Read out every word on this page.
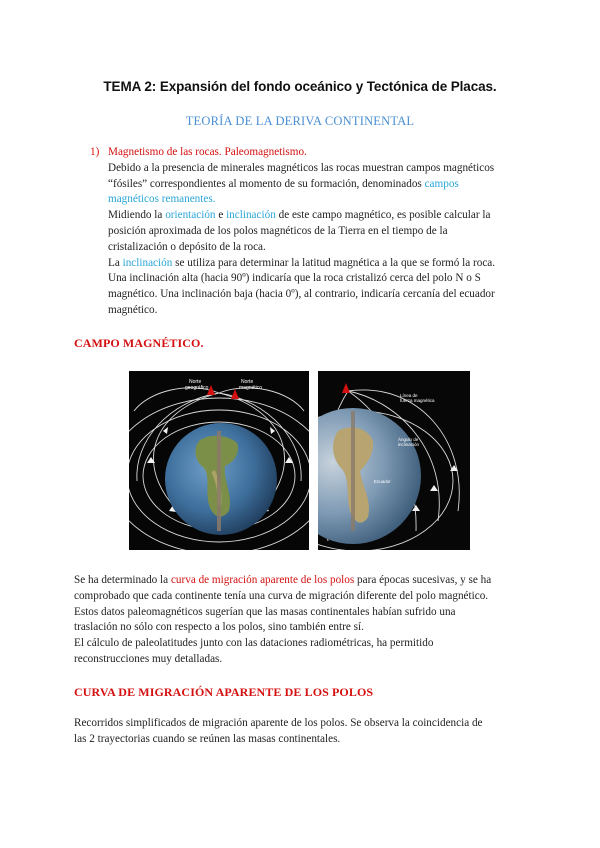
TEMA 2: Expansión del fondo oceánico y Tectónica de Placas.
TEORÍA DE LA DERIVA CONTINENTAL
1) Magnetismo de las rocas. Paleomagnetismo.
Debido a la presencia de minerales magnéticos las rocas muestran campos magnéticos
“fósiles” correspondientes al momento de su formación, denominados campos
magnéticos remanentes.
Midiendo la orientación e inclinación de este campo magnético, es posible calcular la
posición aproximada de los polos magnéticos de la Tierra en el tiempo de la
cristalización o depósito de la roca.
La inclinación se utiliza para determinar la latitud magnética a la que se formó la roca.
Una inclinación alta (hacia 90º) indicaría que la roca cristalizó cerca del polo N o S
magnético. Una inclinación baja (hacia 0º), al contrario, indicaría cercanía del ecuador
magnético.
CAMPO MAGNÉTICO.
Norte
geográfico
Norte
magnético
Línea de
fuerza magnética
Ángulo de
inclinación
Ecuador
Se ha determinado la curva de migración aparente de los polos para épocas sucesivas, y se ha
comprobado que cada continente tenía una curva de migración diferente del polo magnético.
Estos datos paleomagnéticos sugerían que las masas continentales habían sufrido una
traslación no sólo con respecto a los polos, sino también entre sí.
El cálculo de paleolatitudes junto con las dataciones radiométricas, ha permitido
reconstrucciones muy detalladas.
CURVA DE MIGRACIÓN APARENTE DE LOS POLOS
Recorridos simplificados de migración aparente de los polos. Se observa la coincidencia de
las 2 trayectorias cuando se reúnen las masas continentales.
